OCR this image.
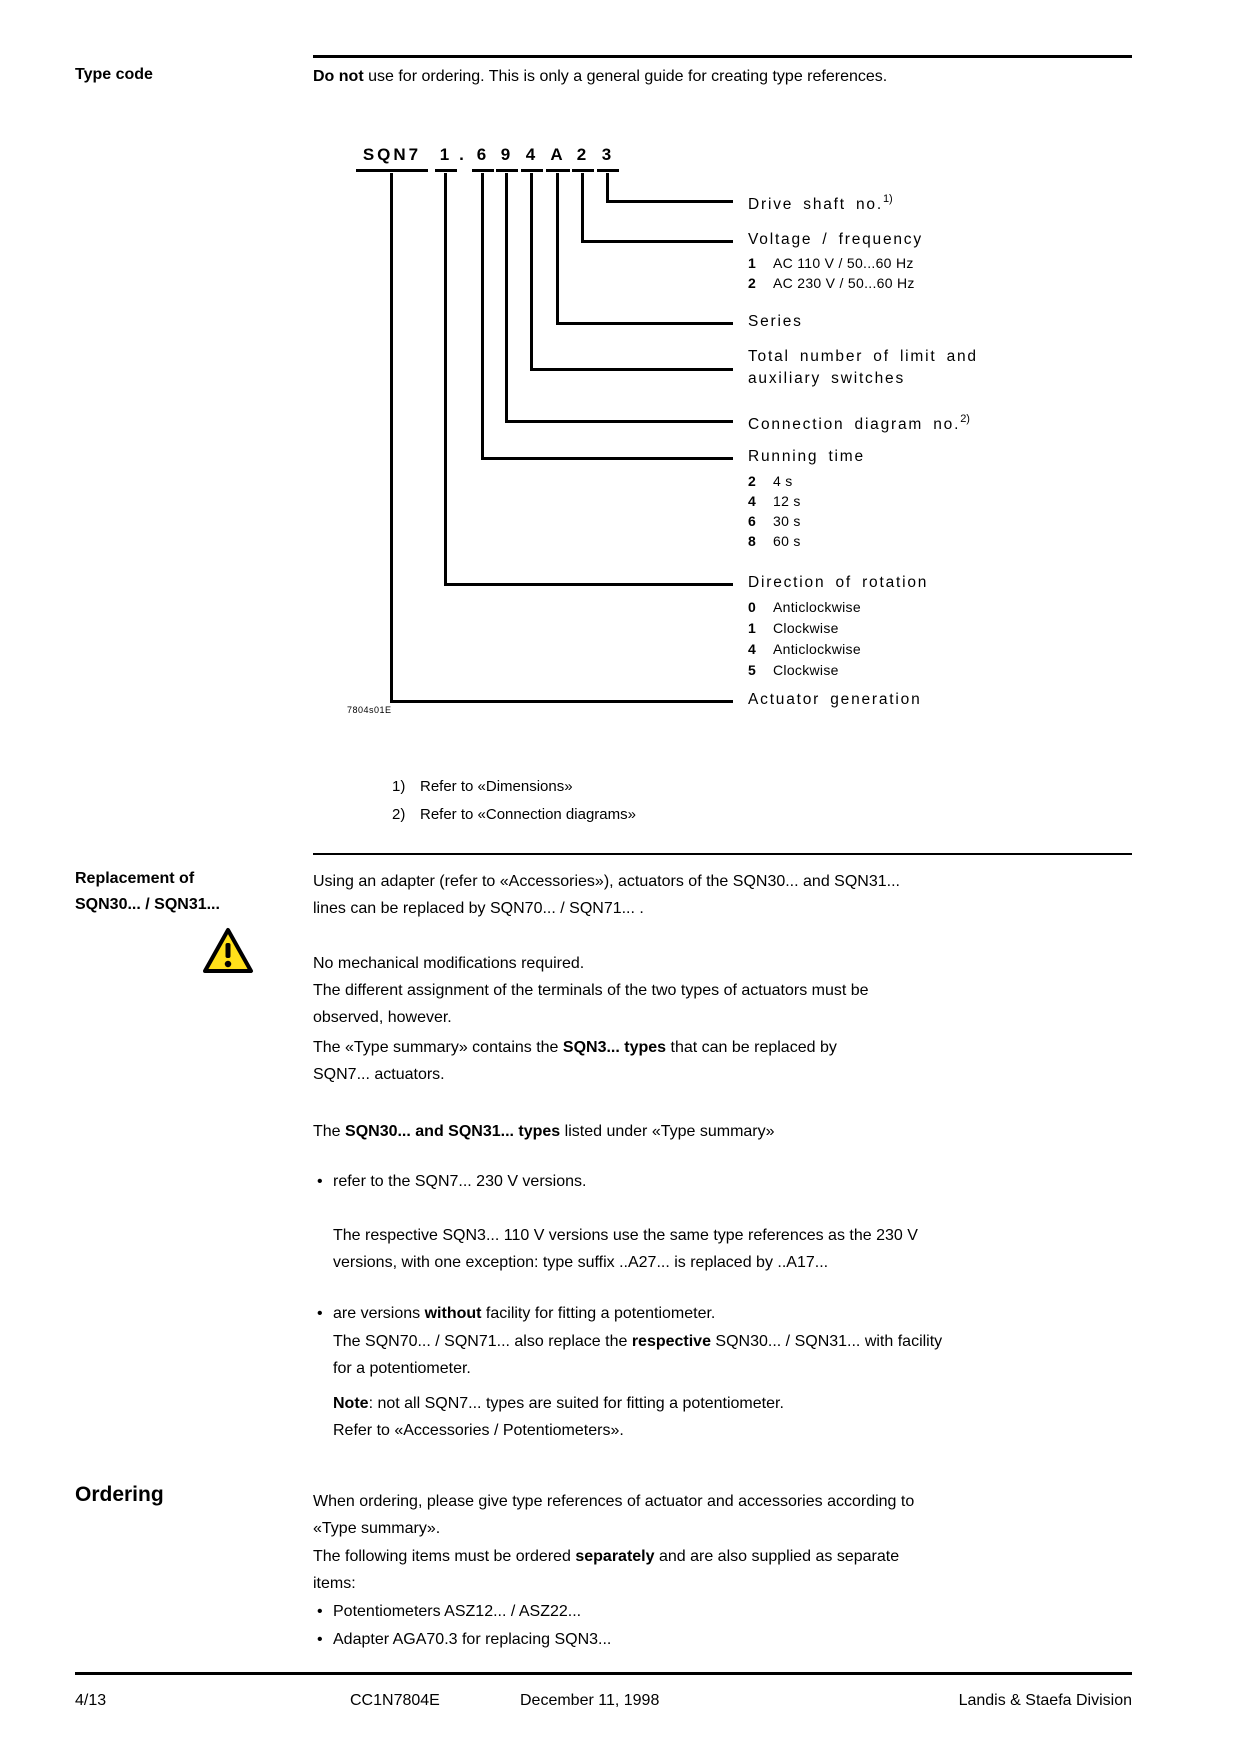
Type code	Do not use for ordering. This is only a general guide for creating type references.
SQN7	1 . 6 9 4 A 2 3
Drive shaft no.$^{1)}$
Voltage / frequency
1 AC 110 V / 50...60 Hz
2 AC 230 V / 50...60 Hz
Series
Total number of limit and
auxiliary switches
Connection diagram no.$^{2)}$
Running time
2 4 s
4 12 s
6 30 s
8 60 s
Direction of rotation
0 Anticlockwise
1 Clockwise
4 Anticlockwise
5 Clockwise
Actuator generation
7804s01E
1) Refer to «Dimensions»
2) Refer to «Connection diagrams»
Replacement of
SQN30... / SQN31...
Using an adapter (refer to «Accessories»), actuators of the SQN30... and SQN31...
lines can be replaced by SQN70... / SQN71... .
No mechanical modifications required.
The different assignment of the terminals of the two types of actuators must be
observed, however.
The «Type summary» contains the SQN3... types that can be replaced by
SQN7... actuators.
The SQN30... and SQN31... types listed under «Type summary»
• refer to the SQN7... 230 V versions.
The respective SQN3... 110 V versions use the same type references as the 230 V
versions, with one exception: type suffix ..A27... is replaced by ..A17...
• are versions without facility for fitting a potentiometer.
The SQN70... / SQN71... also replace the respective SQN30... / SQN31... with facility
for a potentiometer.
Note: not all SQN7... types are suited for fitting a potentiometer.
Refer to «Accessories / Potentiometers».
Ordering	When ordering, please give type references of actuator and accessories according to
«Type summary».
The following items must be ordered separately and are also supplied as separate
items:
• Potentiometers ASZ12... / ASZ22...
• Adapter AGA70.3 for replacing SQN3...
4/13	CC1N7804E	December 11, 1998	Landis & Staefa Division
